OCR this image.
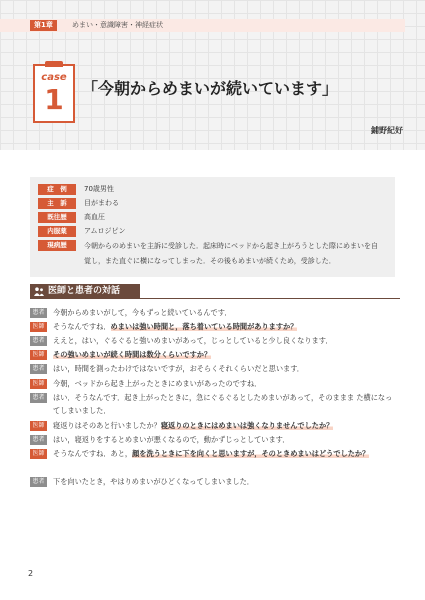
第1章	めまい・意識障害・神経症状
case
1	「今朝からめまいが続いています」
鋪野紀好
症　例	70歳男性
主　訴	目がまわる
既往歴	高血圧
内服薬	アムロジピン
現病歴	今朝からのめまいを主訴に受診した．起床時にベッドから起き上がろうとした際にめまいを自覚し，また直ぐに横になってしまった．その後もめまいが続くため，受診した．
医師と患者の対話
患者	今朝からめまいがして，今もずっと続いているんです．
医師	そうなんですね．めまいは強い時間と，落ち着いている時間がありますか？
患者	ええと，はい，ぐるぐると強いめまいがあって，じっとしていると少し良くなります．
医師	その強いめまいが続く時間は数分くらいですか？
患者	はい，時間を測ったわけではないですが，おそらくそれくらいだと思います．
医師	今朝，ベッドから起き上がったときにめまいがあったのですね．
患者	はい．そうなんです．起き上がったときに，急にぐるぐるとしためまいがあって，そのままま た横になってしまいました．
医師	寝返りはそのあと行いましたか？寝返りのときにはめまいは強くなりませんでしたか？
患者	はい，寝返りをするとめまいが悪くなるので，動かずじっとしています．
医師	そうなんですね．あと，顔を洗うときに下を向くと思いますが，そのときめまいはどうでしたか？
患者	下を向いたとき，やはりめまいがひどくなってしまいました．
2
